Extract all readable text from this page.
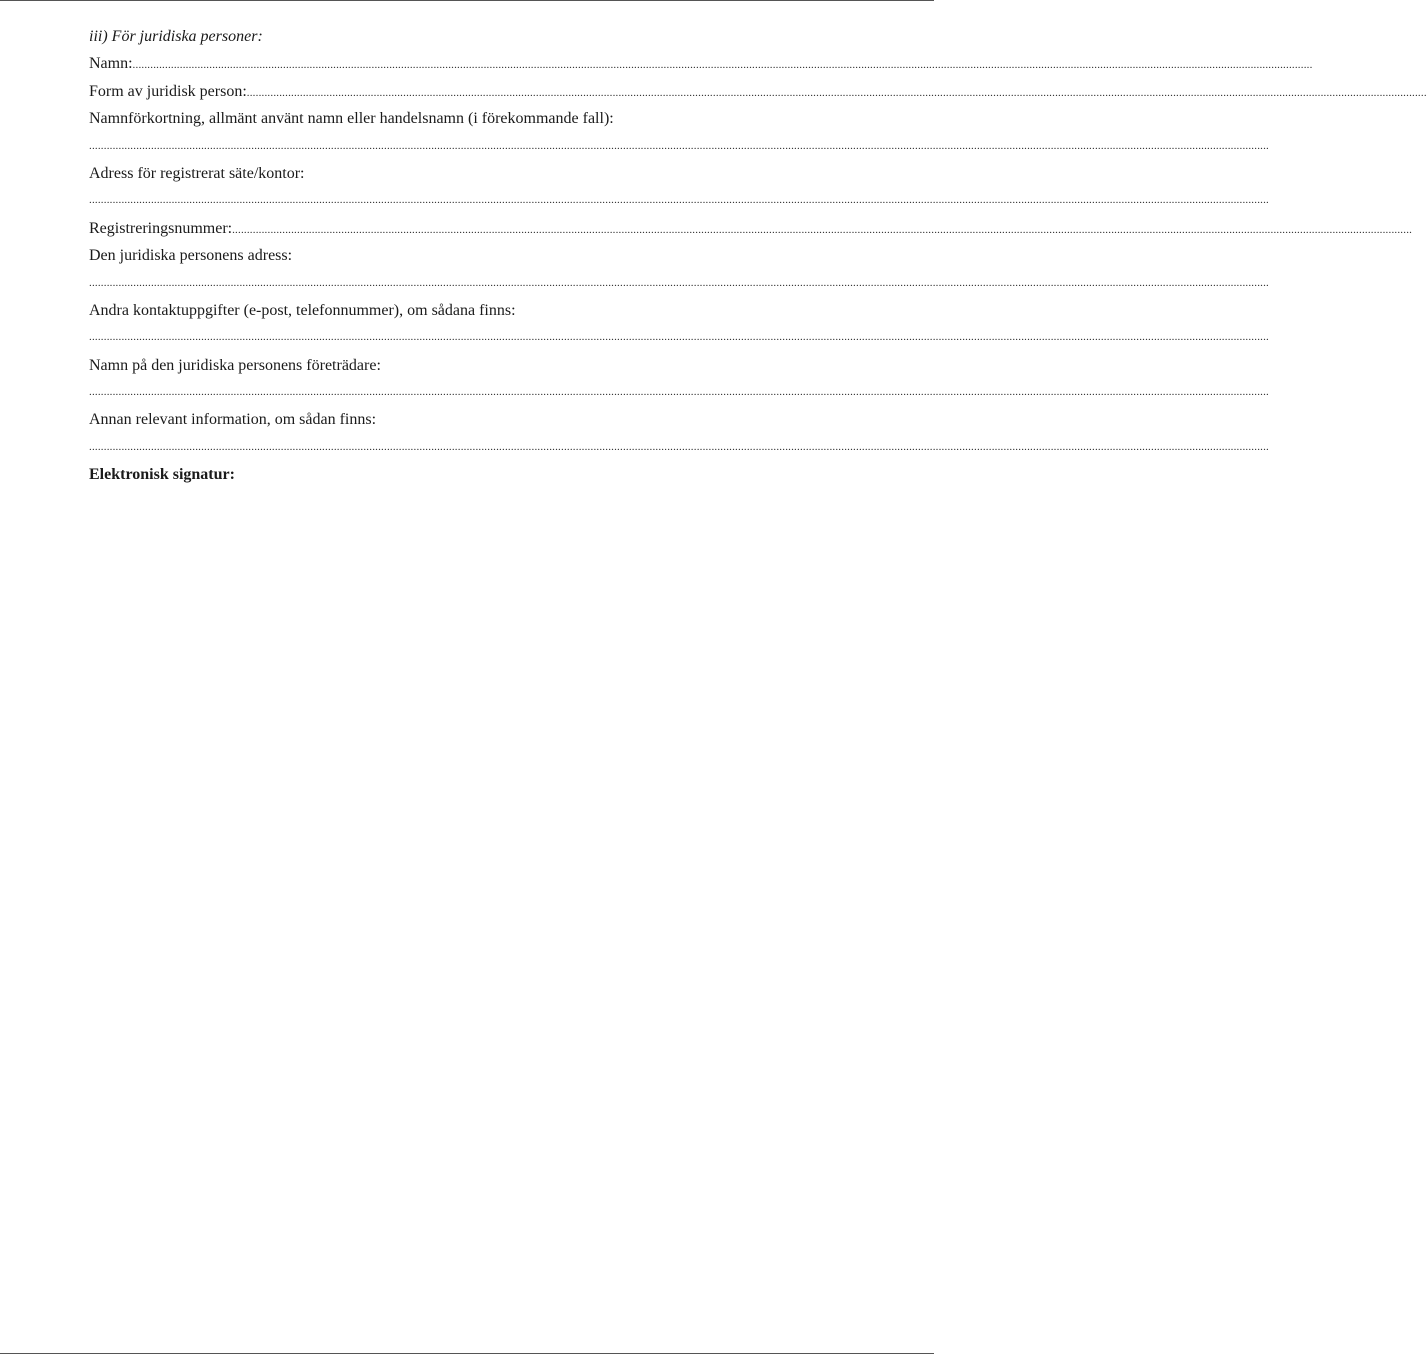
iii) För juridiska personer:
Namn: ................................................................................................................................................................................................................................................................................................................................................................................................................
Form av juridisk person: ................................................................................................................................................................................................................................................................................................................................................................................................................
Namnförkortning, allmänt använt namn eller handelsnamn (i förekommande fall):
................................................................................................................................................................................................................................................................................................................................................................................................................
Adress för registrerat säte/kontor:
................................................................................................................................................................................................................................................................................................................................................................................................................
Registreringsnummer: ................................................................................................................................................................................................................................................................................................................................................................................................................
Den juridiska personens adress:
................................................................................................................................................................................................................................................................................................................................................................................................................
Andra kontaktuppgifter (e-post, telefonnummer), om sådana finns:
................................................................................................................................................................................................................................................................................................................................................................................................................
Namn på den juridiska personens företrädare:
................................................................................................................................................................................................................................................................................................................................................................................................................
Annan relevant information, om sådan finns:
................................................................................................................................................................................................................................................................................................................................................................................................................
Elektronisk signatur:
